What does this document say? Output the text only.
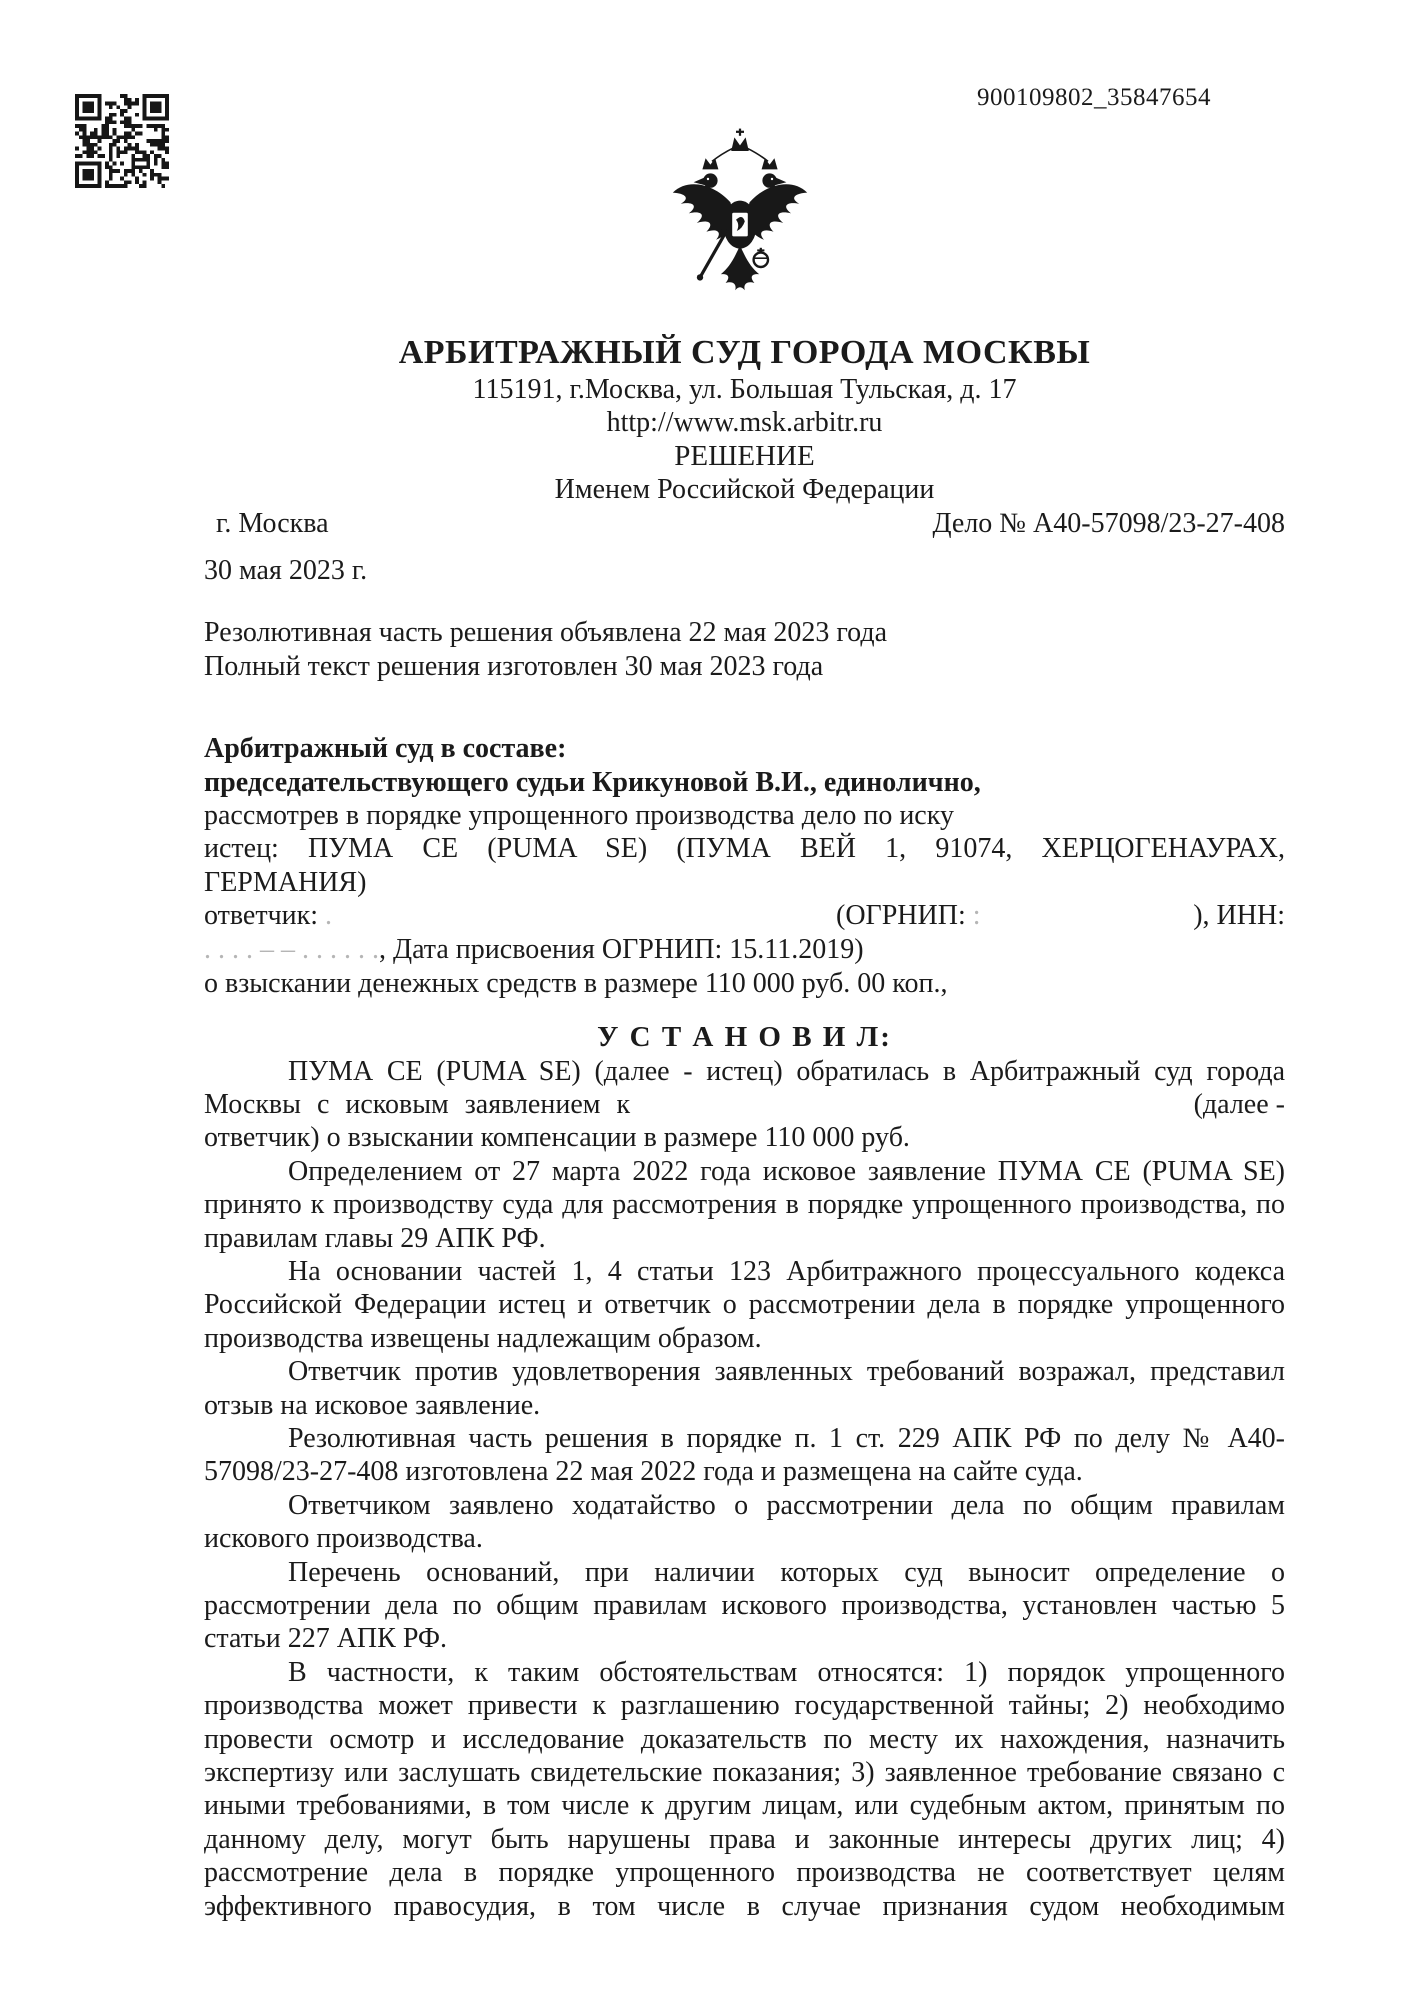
900109802_35847654
АРБИТРАЖНЫЙ СУД ГОРОДА МОСКВЫ
115191, г.Москва, ул. Большая Тульская, д. 17
http://www.msk.arbitr.ru
РЕШЕНИЕ
Именем Российской Федерации
г. Москва	Дело № А40-57098/23-27-408
30 мая 2023 г.
Резолютивная часть решения объявлена 22 мая 2023 года
Полный текст решения изготовлен 30 мая 2023 года
Арбитражный суд в составе:
председательствующего судьи Крикуновой В.И., единолично,
рассмотрев в порядке упрощенного производства дело по иску
истец: ПУМА СЕ (PUMA SE) (ПУМА ВЕЙ 1, 91074, ХЕРЦОГЕНАУРАХ,
ГЕРМАНИЯ)
ответчик: .	(ОГРНИП: :	), ИНН:
. . . . – – . . . . . ., Дата присвоения ОГРНИП: 15.11.2019)
о взыскании денежных средств в размере 110 000 руб. 00 коп.,
У С Т А Н О В И Л:
ПУМА СЕ (PUMA SE) (далее - истец) обратилась в Арбитражный суд города
Москвы с исковым заявлением к	(далее -
ответчик) о взыскании компенсации в размере 110 000 руб.

Определением от 27 марта 2022 года исковое заявление ПУМА СЕ (PUMA SE) принято к производству суда для рассмотрения в порядке упрощенного производства, по правилам главы 29 АПК РФ.

На основании частей 1, 4 статьи 123 Арбитражного процессуального кодекса Российской Федерации истец и ответчик о рассмотрении дела в порядке упрощенного производства извещены надлежащим образом.

Ответчик против удовлетворения заявленных требований возражал, представил отзыв на исковое заявление.

Резолютивная часть решения в порядке п. 1 ст. 229 АПК РФ по делу № А40-57098/23-27-408 изготовлена 22 мая 2022 года и размещена на сайте суда.

Ответчиком заявлено ходатайство о рассмотрении дела по общим правилам искового производства.

Перечень оснований, при наличии которых суд выносит определение о рассмотрении дела по общим правилам искового производства, установлен частью 5 статьи 227 АПК РФ.

В частности, к таким обстоятельствам относятся: 1) порядок упрощенного производства может привести к разглашению государственной тайны; 2) необходимо провести осмотр и исследование доказательств по месту их нахождения, назначить экспертизу или заслушать свидетельские показания; 3) заявленное требование связано с иными требованиями, в том числе к другим лицам, или судебным актом, принятым по данному делу, могут быть нарушены права и законные интересы других лиц; 4) рассмотрение дела в порядке упрощенного производства не соответствует целям эффективного правосудия, в том числе в случае признания судом необходимым
